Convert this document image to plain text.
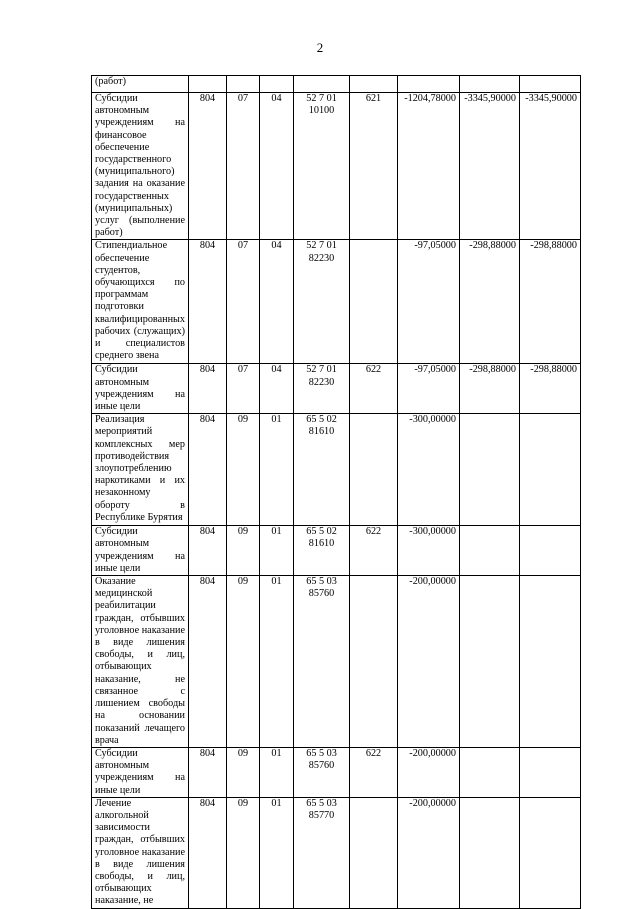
2
(работ)								
Субсидии автономным учреждениям на финансовое обеспечение государственного (муниципального) задания на оказание государственных (муниципальных) услуг (выполнение работ)	804	07	04	52 7 01 10100	621	-1204,78000	-3345,90000	-3345,90000
Стипендиальное обеспечение студентов, обучающихся по программам подготовки квалифицированных рабочих (служащих) и специалистов среднего звена	804	07	04	52 7 01 82230		-97,05000	-298,88000	-298,88000
Субсидии автономным учреждениям на иные цели	804	07	04	52 7 01 82230	622	-97,05000	-298,88000	-298,88000
Реализация мероприятий комплексных мер противодействия злоупотреблению наркотиками и их незаконному обороту в Республике Бурятия	804	09	01	65 5 02 81610		-300,00000		
Субсидии автономным учреждениям на иные цели	804	09	01	65 5 02 81610	622	-300,00000		
Оказание медицинской реабилитации граждан, отбывших уголовное наказание в виде лишения свободы, и лиц, отбывающих наказание, не связанное с лишением свободы на основании показаний лечащего врача	804	09	01	65 5 03 85760		-200,00000		
Субсидии автономным учреждениям на иные цели	804	09	01	65 5 03 85760	622	-200,00000		
Лечение алкогольной зависимости граждан, отбывших уголовное наказание в виде лишения свободы, и лиц, отбывающих наказание, не	804	09	01	65 5 03 85770		-200,00000		
